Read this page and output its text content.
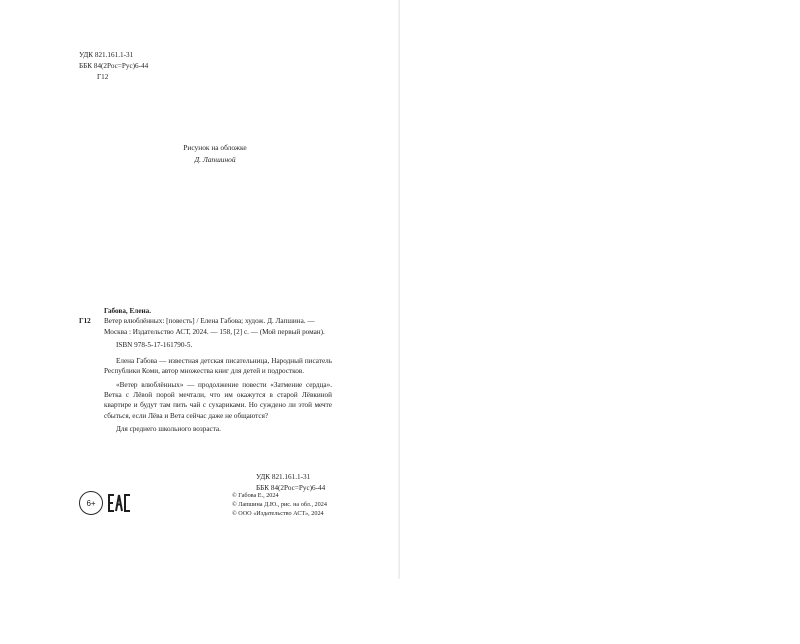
УДК 821.161.1-31
ББК 84(2Рос=Рус)6-44
Г12
Рисунок на обложке
Д. Лапшиной
Габова, Елена.
Г12	Ветер влюблённых: [повесть] / Елена Габова; худож. Д. Лапшина. — Москва : Издательство АСТ, 2024. — 158, [2] с. — (Мой первый роман).
ISBN 978-5-17-161790-5.

Елена Габова — известная детская писательница, Народный писатель Республики Коми, автор множества книг для детей и подростков.

«Ветер влюблённых» — продолжение повести «Затмение сердца». Ветка с Лёвой порой мечтали, что им окажутся в старой Лёвкиной квартире и будут там пить чай с сухариками. Но суждено ли этой мечте сбыться, если Лёва и Вета сейчас даже не общаются?

Для среднего школьного возраста.

УДК 821.161.1-31
ББК 84(2Рос=Рус)6-44
6+
© Габова Е., 2024
© Лапшина Д.Ю., рис. на обл., 2024
© ООО «Издательство АСТ», 2024
